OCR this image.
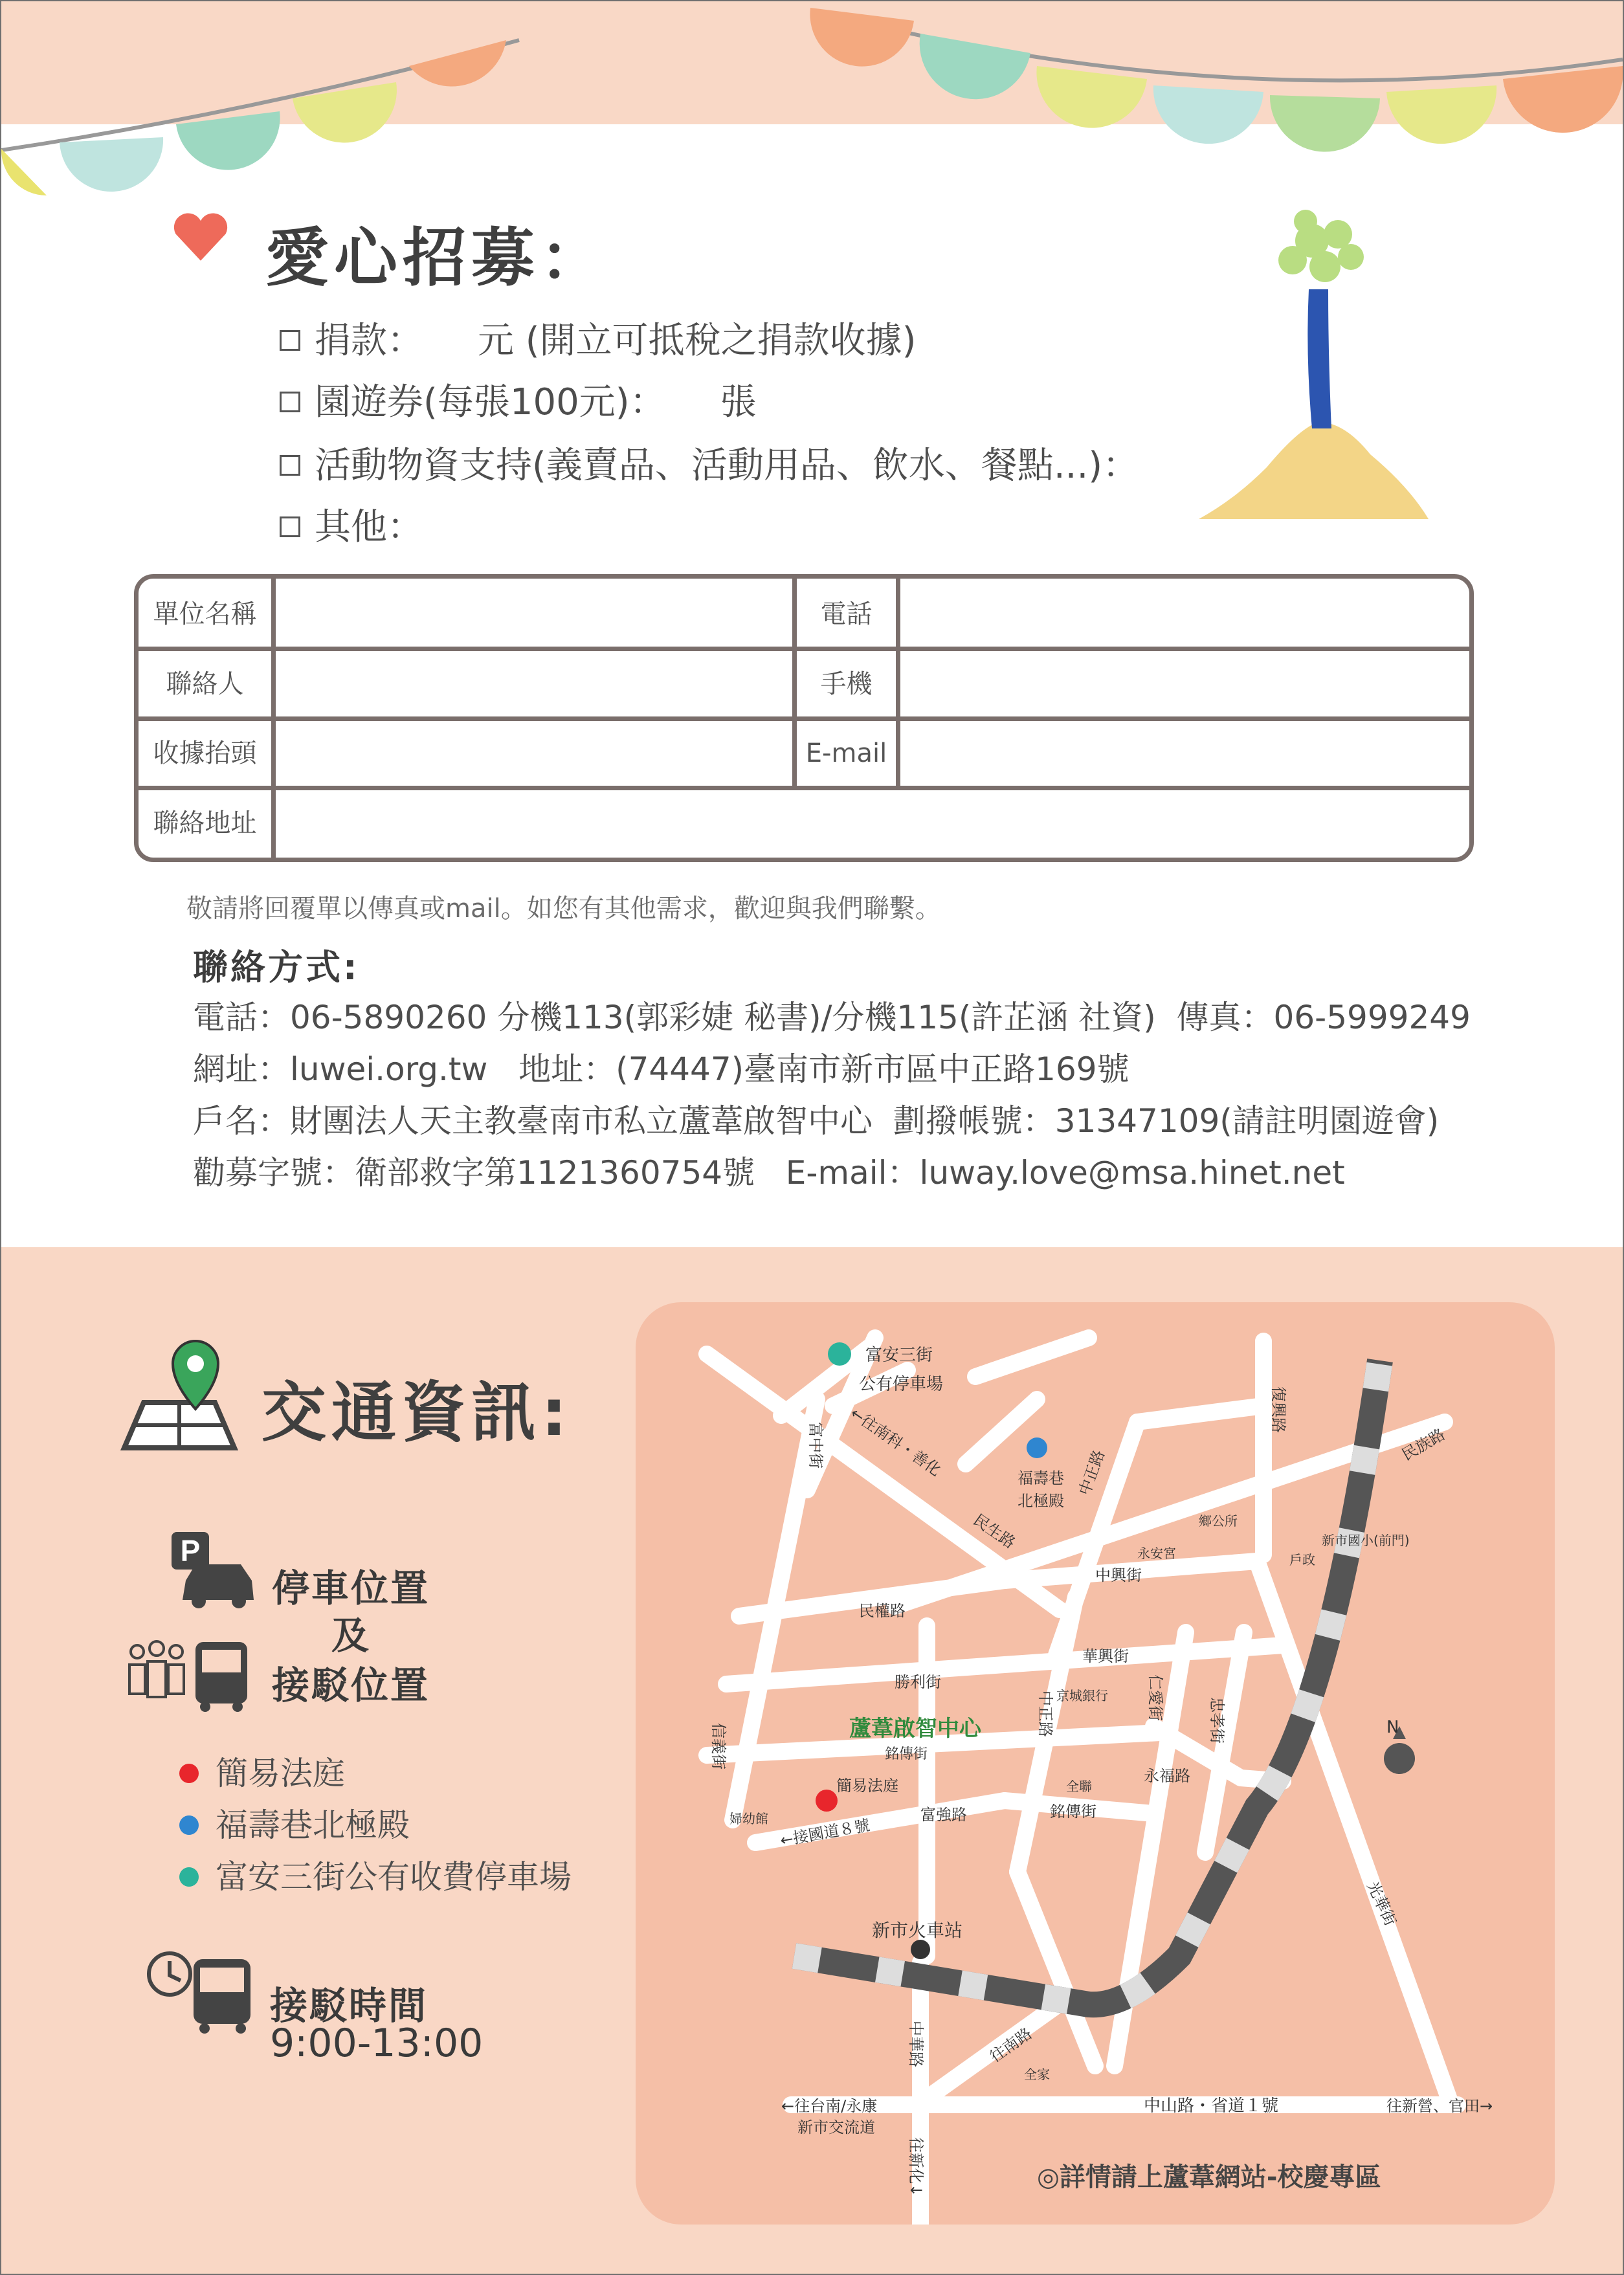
愛心招募：
捐款：　　元 (開立可抵稅之捐款收據)
園遊券(每張100元)：　　張
活動物資支持(義賣品、活動用品、飲水、餐點...)：
其他：
單位名稱	電話
聯絡人	手機
收據抬頭	E-mail
聯絡地址
敬請將回覆單以傳真或mail。如您有其他需求，歡迎與我們聯繫。
聯絡方式:
電話：06-5890260 分機113(郭彩婕 秘書)/分機115(許芷涵 社資)  傳真：06-5999249
網址：luwei.org.tw   地址：(74447)臺南市新市區中正路169號
戶名：財團法人天主教臺南市私立蘆葦啟智中心  劃撥帳號：31347109(請註明園遊會)
勸募字號：衛部救字第1121360754號   E-mail：luway.love@msa.hinet.net
交通資訊:
P
停車位置
及
接駁位置
簡易法庭
福壽巷北極殿
富安三街公有收費停車場
接駁時間
9:00-13:00
富安三街
公有停車場
福壽巷
北極殿
←往南科・善化
民生路	鄉公所
新市國小(前門)
戶政
永安宮
中興街
民權路
華興街
勝利街
京城銀行
蘆葦啟智中心
銘傳街
永福路
簡易法庭	全聯
富強路	銘傳街
婦幼館 ←接國道８號
新市火車站
全家
←往台南/永康
新市交流道
中山路・省道１號	往新營、官田→
N
◎詳情請上蘆葦網站-校慶專區
富中街
中正路
復興路
民族路
仁愛街	忠孝街
中正路
信義街
中華路	往南路
往新化↓
光華街
